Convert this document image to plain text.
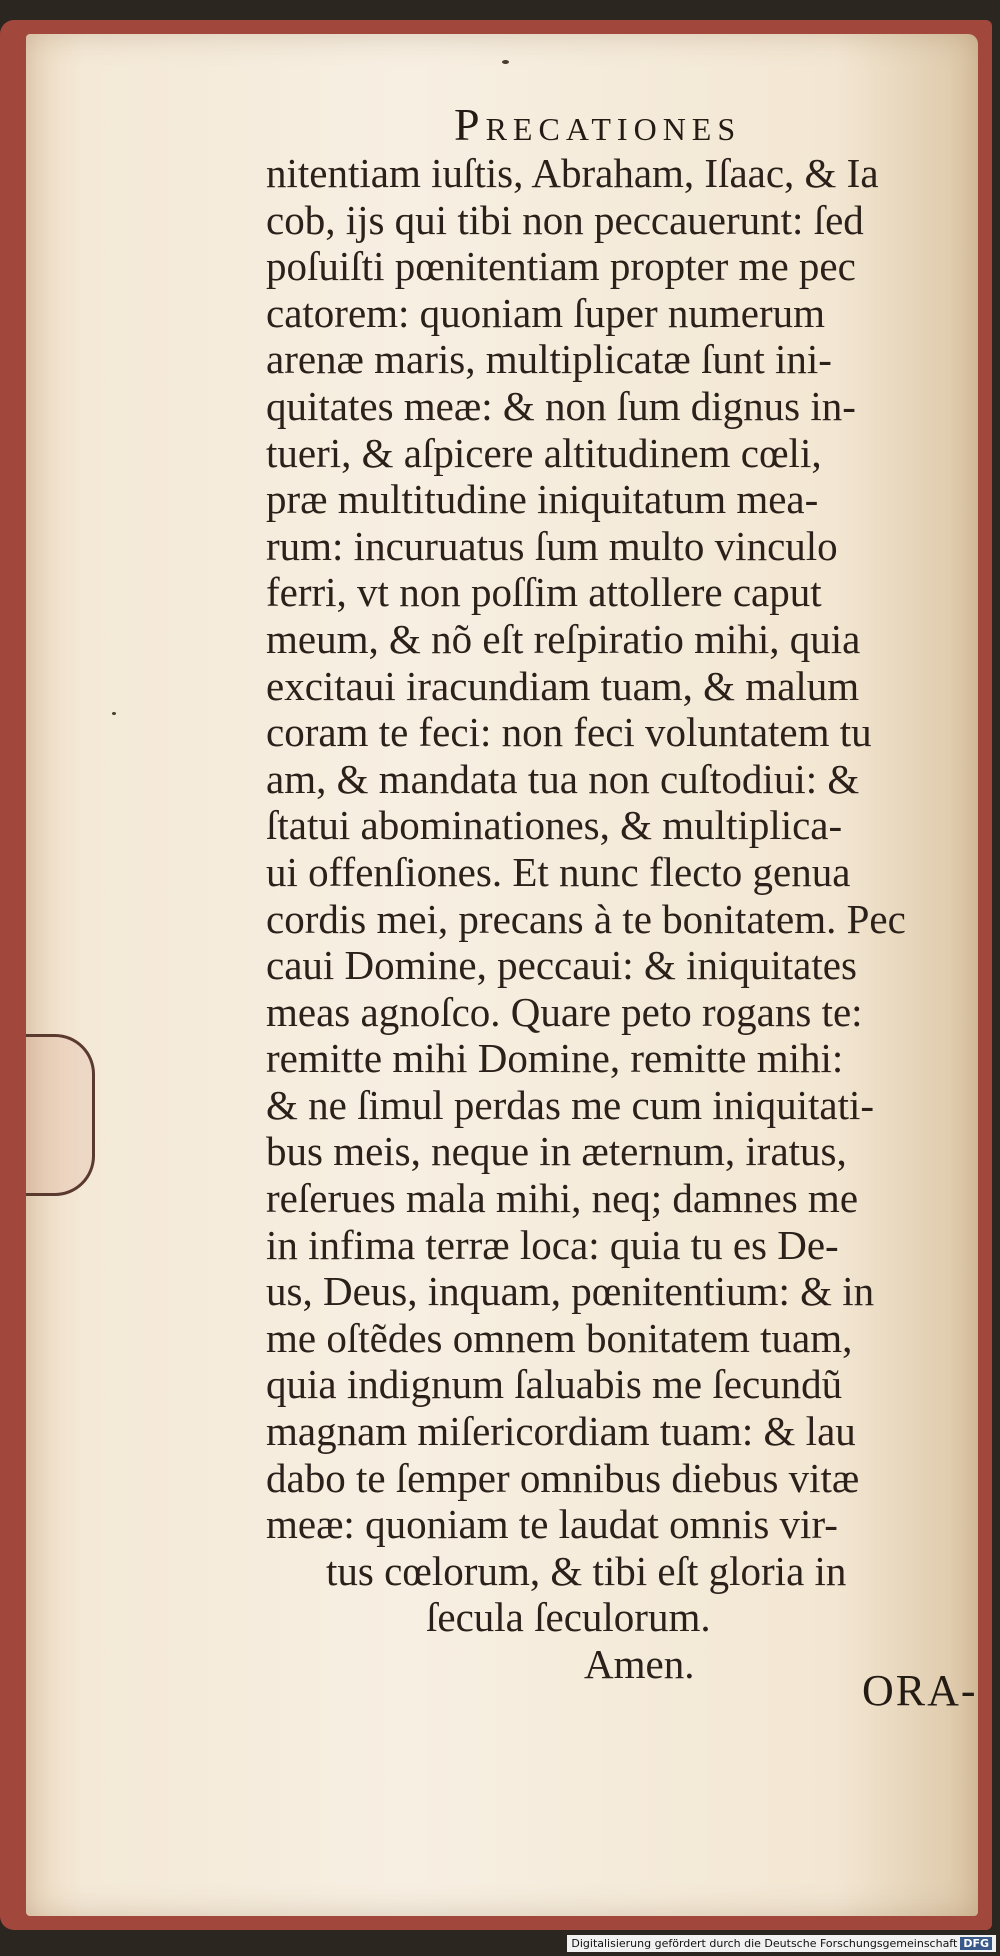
Precationes
nitentiam iuſtis, Abraham, Iſaac, & Ia
cob, ijs qui tibi non peccauerunt: ſed
poſuiſti pœnitentiam propter me pec
catorem: quoniam ſuper numerum
arenæ maris, multiplicatæ ſunt ini-
quitates meæ: & non ſum dignus in-
tueri, & aſpicere altitudinem cœli,
præ multitudine iniquitatum mea-
rum: incuruatus ſum multo vinculo
ferri, vt non poſſim attollere caput
meum, & nõ eſt reſpiratio mihi, quia
excitaui iracundiam tuam, & malum
coram te feci: non feci voluntatem tu
am, & mandata tua non cuſtodiui: &
ſtatui abominationes, & multiplica-
ui offenſiones. Et nunc flecto genua
cordis mei, precans à te bonitatem. Pec
caui Domine, peccaui: & iniquitates
meas agnoſco. Quare peto rogans te:
remitte mihi Domine, remitte mihi:
& ne ſimul perdas me cum iniquitati-
bus meis, neque in æternum, iratus,
reſerues mala mihi, neq; damnes me
in infima terræ loca: quia tu es De-
us, Deus, inquam, pœnitentium: & in
me oſtẽdes omnem bonitatem tuam,
quia indignum ſaluabis me ſecundũ
magnam miſericordiam tuam: & lau
dabo te ſemper omnibus diebus vitæ
meæ: quoniam te laudat omnis vir-
tus cœlorum, & tibi eſt gloria in
ſecula ſeculorum.
Amen.
ORA-
Digitalisierung gefördert durch die Deutsche Forschungsgemeinschaft DFG
